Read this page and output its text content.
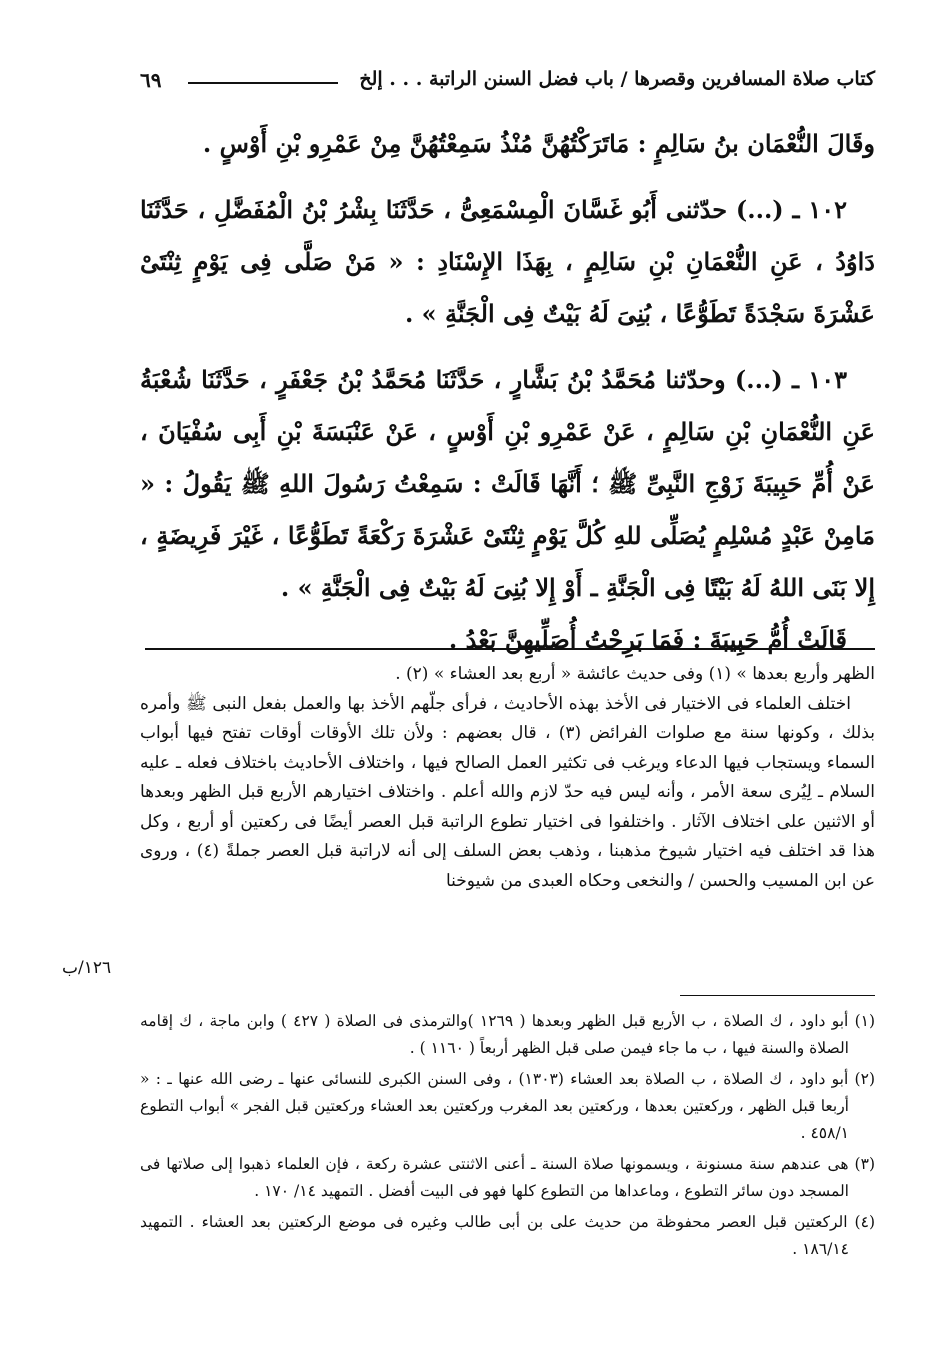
كتاب صلاة المسافرين وقصرها / باب فضل السنن الراتبة . . . إلخ
٦٩

وقَالَ النُّعْمَان بنُ سَالِمٍ : مَاتَرَكْتُهُنَّ مُنْذُ سَمِعْتُهُنَّ مِنْ عَمْرِو بْنِ أَوْسٍ .

١٠٢ ـ (...) حدّثنى أَبُو غَسَّانَ الْمِسْمَعِىُّ ، حَدَّثَنَا بِشْرُ بْنُ الْمُفَضَّلِ ، حَدَّثَنَا دَاوُدُ ، عَنِ النُّعْمَانِ بْنِ سَالِمٍ ، بِهَذَا الإِسْنَادِ : « مَنْ صَلَّى فِى يَوْمٍ ثِنْتَىْ عَشْرَةَ سَجْدَةً تَطَوُّعًا ، بُنِىَ لَهُ بَيْتٌ فِى الْجَنَّةِ » .

١٠٣ ـ (...) وحدّثنا مُحَمَّدُ بْنُ بَشَّارٍ ، حَدَّثَنَا مُحَمَّدُ بْنُ جَعْفَرٍ ، حَدَّثَنَا شُعْبَةُ عَنِ النُّعْمَانِ بْنِ سَالِمٍ ، عَنْ عَمْرِو بْنِ أَوْسٍ ، عَنْ عَنْبَسَةَ بْنِ أَبِى سُفْيَانَ ، عَنْ أُمِّ حَبِيبَةَ زَوْجِ النَّبِىِّ ﷺ ؛ أَنَّهَا قَالَتْ : سَمِعْتُ رَسُولَ اللهِ ﷺ يَقُولُ : « مَامِنْ عَبْدٍ مُسْلِمٍ يُصَلِّى للهِ كُلَّ يَوْمٍ ثِنْتَىْ عَشْرَةَ رَكْعَةً تَطَوُّعًا ، غَيْرَ فَرِيضَةٍ ، إِلا بَنَى اللهُ لَهُ بَيْتًا فِى الْجَنَّةِ ـ أَوْ إِلا بُنِىَ لَهُ بَيْتٌ فِى الْجَنَّةِ » .

قَالَتْ أُمُّ حَبِيبَةَ : فَمَا بَرِحْتُ أُصَلِّيهِنَّ بَعْدُ .

الظهر وأربع بعدها » (١) وفى حديث عائشة « أربع بعد العشاء » (٢) .

اختلف العلماء فى الاختيار فى الأخذ بهذه الأحاديث ، فرأى جلّهم الأخذ بها والعمل بفعل النبى ﷺ وأمره بذلك ، وكونها سنة مع صلوات الفرائض (٣) ، قال بعضهم : ولأن تلك الأوقات أوقات تفتح فيها أبواب السماء ويستجاب فيها الدعاء ويرغب فى تكثير العمل الصالح فيها ، واختلاف الأحاديث باختلاف فعله ـ عليه السلام ـ لِيُرى سعة الأمر ، وأنه ليس فيه حدّ لازم والله أعلم . واختلاف اختيارهم الأربع قبل الظهر وبعدها أو الاثنين على اختلاف الآثار . واختلفوا فى اختيار تطوع الراتبة قبل العصر أيضًا فى ركعتين أو أربع ، وكل هذا قد اختلف فيه اختيار شيوخ مذهبنا ، وذهب بعض السلف إلى أنه لاراتبة قبل العصر جملةً (٤) ، وروى عن ابن المسيب والحسن / والنخعى وحكاه العبدى من شيوخنا

١٢٦/ب

(١) أبو داود ، ك الصلاة ، ب الأربع قبل الظهر وبعدها ( ١٢٦٩ )والترمذى فى الصلاة ( ٤٢٧ ) وابن ماجة ، ك إقامه الصلاة والسنة فيها ، ب ما جاء فيمن صلى قبل الظهر أربعاً ( ١١٦٠ ) .

(٢) أبو داود ، ك الصلاة ، ب الصلاة بعد العشاء (١٣٠٣) ، وفى السنن الكبرى للنسائى عنها ـ رضى الله عنها ـ : « أربعا قبل الظهر ، وركعتين بعدها ، وركعتين بعد المغرب وركعتين بعد العشاء وركعتين قبل الفجر » أبواب التطوع ٤٥٨/١ .

(٣) هى عندهم سنة مسنونة ، ويسمونها صلاة السنة ـ أعنى الاثنتى عشرة ركعة ، فإن العلماء ذهبوا إلى صلاتها فى المسجد دون سائر التطوع ، وماعداها من التطوع كلها فهو فى البيت أفضل . التمهيد ١٤/ ١٧٠ .

(٤) الركعتين قبل العصر محفوظة من حديث على بن أبى طالب وغيره فى موضع الركعتين بعد العشاء . التمهيد ١٨٦/١٤ .
